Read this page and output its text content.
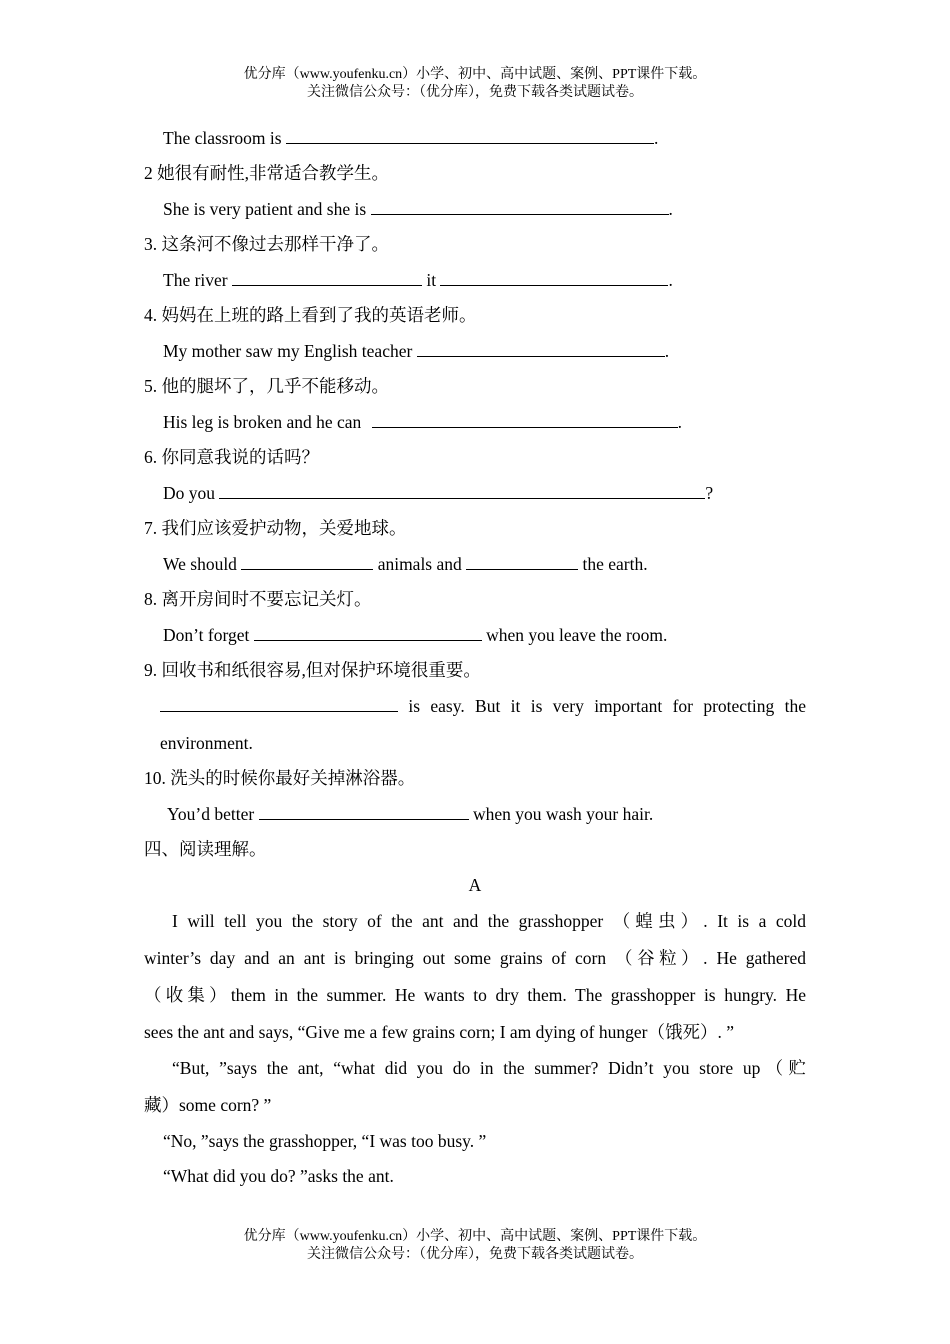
优分库（www.youfenku.cn）小学、初中、高中试题、案例、PPT课件下载。
关注微信公众号：（优分库），免费下载各类试题试卷。
The classroom is	.
2 她很有耐性,非常适合教学生。
She is very patient and she is	.
3. 这条河不像过去那样干净了。
The river	it	.
4. 妈妈在上班的路上看到了我的英语老师。
My mother saw my English teacher	.
5. 他的腿坏了，几乎不能移动。
His leg is broken and he can	.
6. 你同意我说的话吗？
Do you	?
7. 我们应该爱护动物，关爱地球。
We should	animals and	the earth.
8. 离开房间时不要忘记关灯。
Don’t forget	when you leave the room.
9. 回收书和纸很容易,但对保护环境很重要。
is easy. But it is very important for protecting the
environment.
10. 洗头的时候你最好关掉淋浴器。
You’d better	when you wash your hair.
四、阅读理解。
A
I will tell you the story of the ant and the grasshopper （蝗虫）. It is a cold
winter’s day and an ant is bringing out some grains of corn （谷粒）. He gathered
（收集）them in the summer. He wants to dry them. The grasshopper is hungry. He
sees the ant and says, “Give me a few grains corn; I am dying of hunger（饿死）. ”
“But, ”says the ant, “what did you do in the summer? Didn’t you store up（贮
藏）some corn? ”
“No, ”says the grasshopper, “I was too busy. ”
“What did you do? ”asks the ant.
优分库（www.youfenku.cn）小学、初中、高中试题、案例、PPT课件下载。
关注微信公众号：（优分库），免费下载各类试题试卷。
